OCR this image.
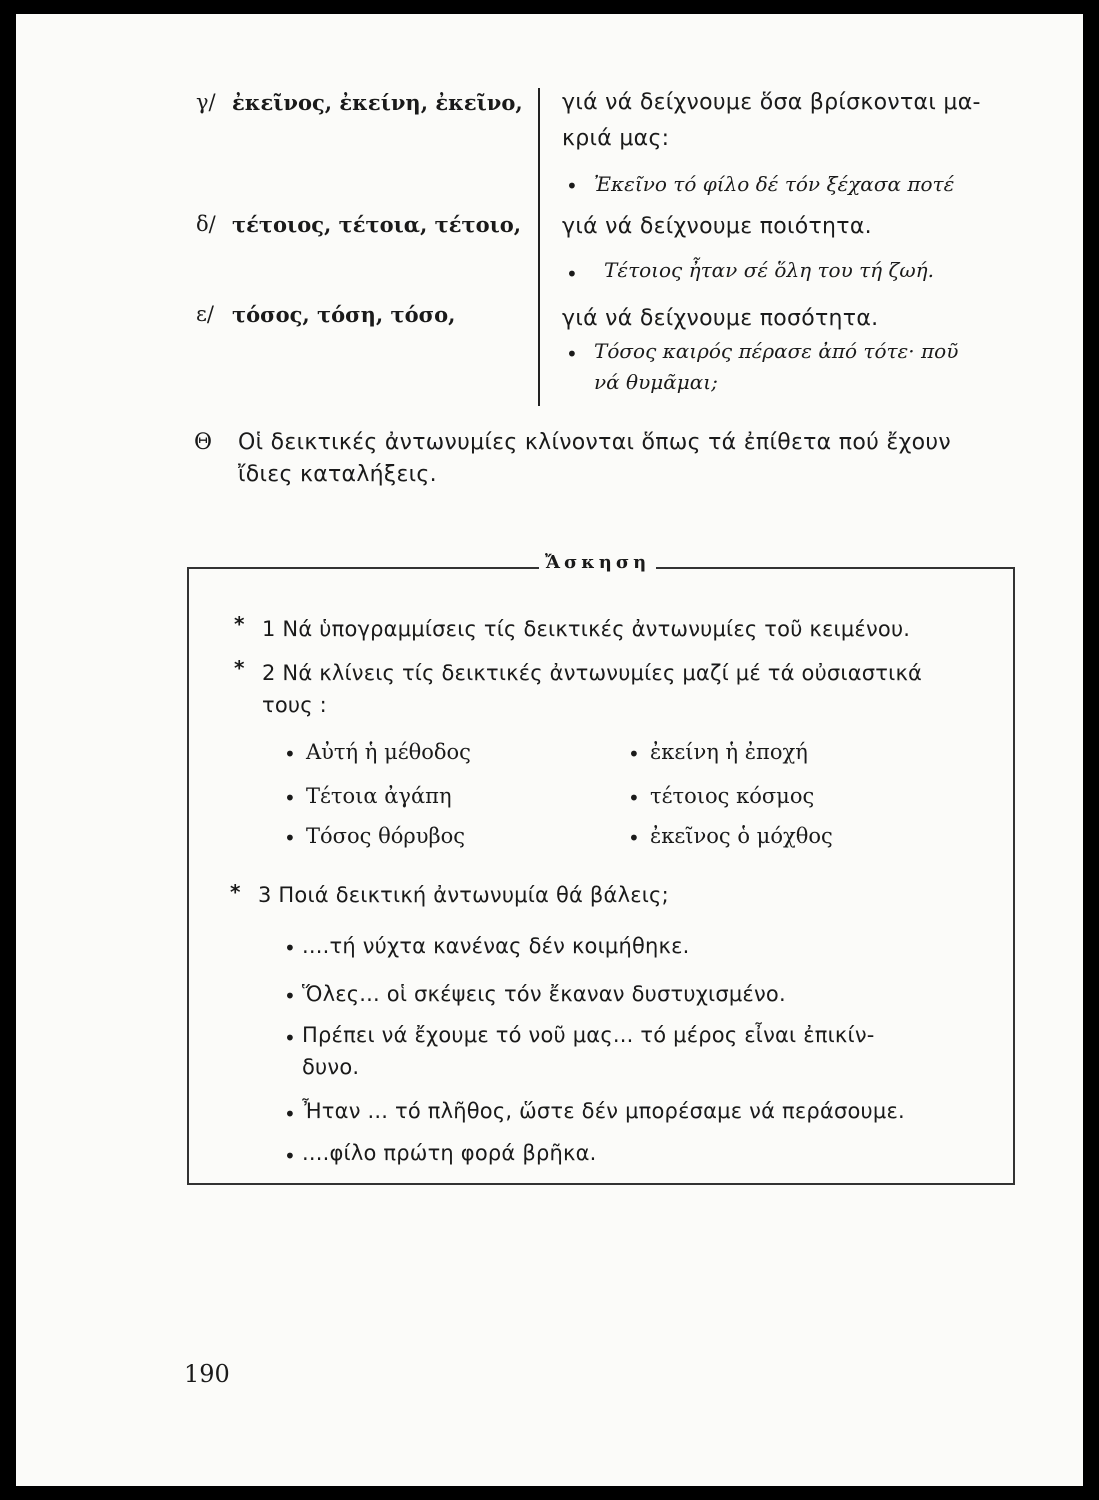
γ/ ἐκεῖνος, ἐκείνη, ἐκεῖνο, γιά νά δείχνουμε ὅσα βρίσκονται μα-
κριά μας:
• Ἐκεῖνο τό φίλο δέ τόν ξέχασα ποτέ
δ/ τέτοιος, τέτοια, τέτοιο, γιά νά δείχνουμε ποιότητα.
• Τέτοιος ἦταν σέ ὅλη του τή ζωή.
ε/ τόσος, τόση, τόσο,	γιά νά δείχνουμε ποσότητα.
• Τόσος καιρός πέρασε ἀπό τότε· ποῦ
νά θυμᾶμαι;
Θ Οἱ δεικτικές ἀντωνυμίες κλίνονται ὅπως τά ἐπίθετα πού ἔχουν
ἴδιες καταλήξεις.
Ἄσκηση
* 1 Νά ὑπογραμμίσεις τίς δεικτικές ἀντωνυμίες τοῦ κειμένου.
* 2 Νά κλίνεις τίς δεικτικές ἀντωνυμίες μαζί μέ τά οὐσιαστικά
τους :
• Αὐτή ἡ μέθοδος
• Τέτοια ἀγάπη
• Τόσος θόρυβος
• ἐκείνη ἡ ἐποχή
• τέτοιος κόσμος
• ἐκεῖνος ὁ μόχθος
* 3 Ποιά δεικτική ἀντωνυμία θά βάλεις;
• ....τή νύχτα κανένας δέν κοιμήθηκε.
• Ὅλες... οἱ σκέψεις τόν ἔκαναν δυστυχισμένο.
• Πρέπει νά ἔχουμε τό νοῦ μας... τό μέρος εἶναι ἐπικίν-
δυνο.
• Ἦταν ... τό πλῆθος, ὥστε δέν μπορέσαμε νά περάσουμε.
• ....φίλο πρώτη φορά βρῆκα.
190
